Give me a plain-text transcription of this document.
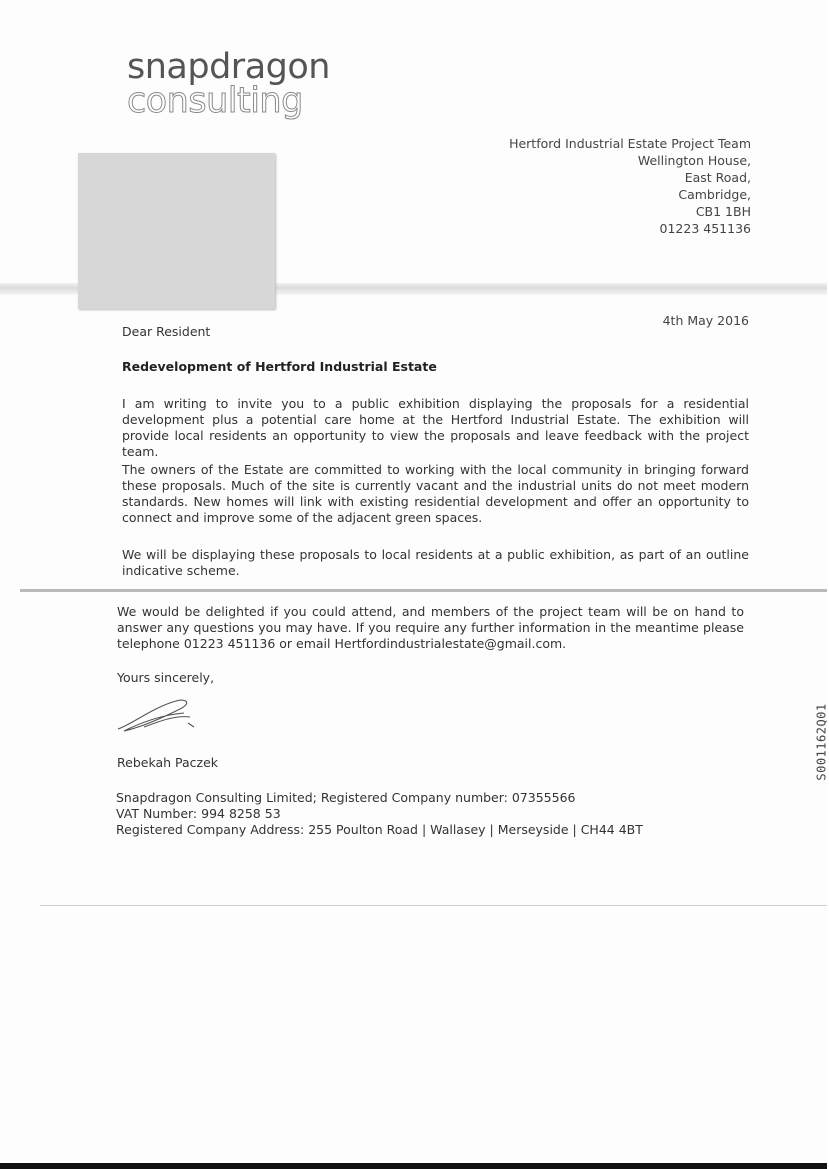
snapdragon
consulting
Hertford Industrial Estate Project Team
Wellington House,
East Road,
Cambridge,
CB1 1BH
01223 451136
4th May 2016
Dear Resident
Redevelopment of Hertford Industrial Estate
I am writing to invite you to a public exhibition displaying the proposals for a residential development plus a potential care home at the Hertford Industrial Estate. The exhibition will provide local residents an opportunity to view the proposals and leave feedback with the project team.
The owners of the Estate are committed to working with the local community in bringing forward these proposals. Much of the site is currently vacant and the industrial units do not meet modern standards. New homes will link with existing residential development and offer an opportunity to connect and improve some of the adjacent green spaces.
We will be displaying these proposals to local residents at a public exhibition, as part of an outline indicative scheme.
We would be delighted if you could attend, and members of the project team will be on hand to answer any questions you may have. If you require any further information in the meantime please telephone 01223 451136 or email Hertfordindustrialestate@gmail.com.
Yours sincerely,
Rebekah Paczek
Snapdragon Consulting Limited; Registered Company number: 07355566
VAT Number: 994 8258 53
Registered Company Address: 255 Poulton Road | Wallasey | Merseyside | CH44 4BT
S001162Q01
